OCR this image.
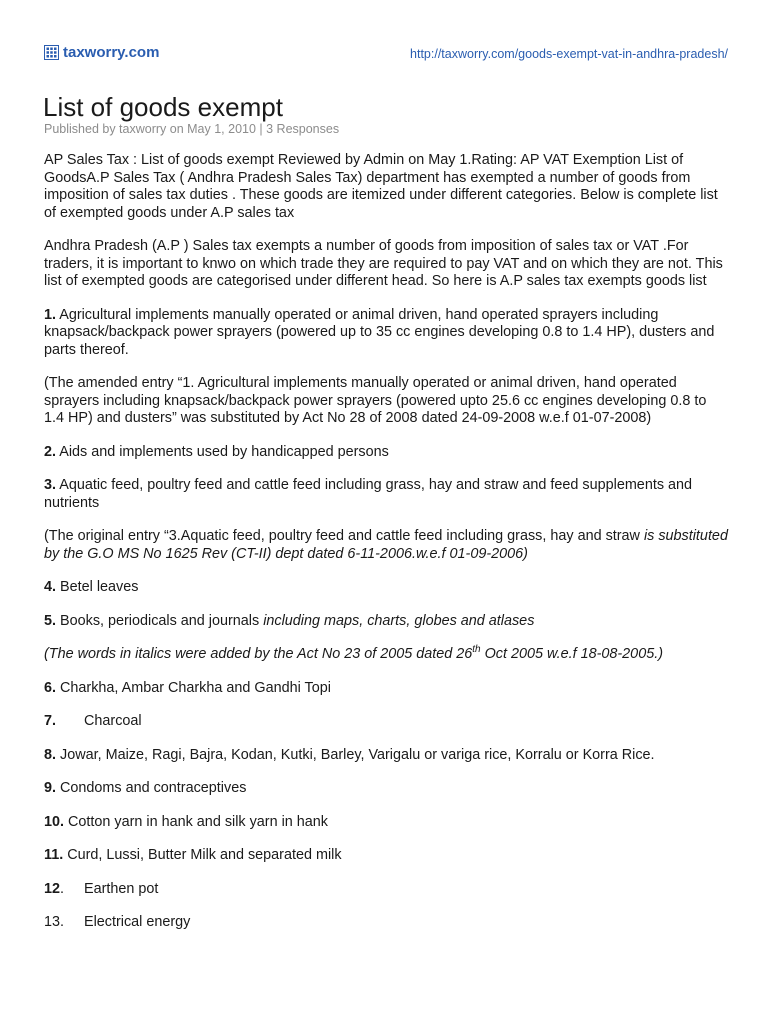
taxworry.com	http://taxworry.com/goods-exempt-vat-in-andhra-pradesh/
List of goods exempt
Published by taxworry on May 1, 2010 | 3 Responses

AP Sales Tax : List of goods exempt Reviewed by Admin on May 1.Rating: AP VAT Exemption List of GoodsA.P Sales Tax ( Andhra Pradesh Sales Tax) department has exempted a number of goods from imposition of sales tax duties . These goods are itemized under different categories. Below is complete list of exempted goods under A.P sales tax

Andhra Pradesh (A.P ) Sales tax exempts a number of goods from imposition of sales tax or VAT .For traders, it is important to knwo on which trade they are required to pay VAT and on which they are not. This list of exempted goods are categorised under different head. So here is A.P sales tax exempts goods list

1. Agricultural implements manually operated or animal driven, hand operated sprayers including knapsack/backpack power sprayers (powered up to 35 cc engines developing 0.8 to 1.4 HP), dusters and parts thereof.

(The amended entry “1. Agricultural implements manually operated or animal driven, hand operated sprayers including knapsack/backpack power sprayers (powered upto 25.6 cc engines developing 0.8 to 1.4 HP) and dusters” was substituted by Act No 28 of 2008 dated 24-09-2008 w.e.f 01-07-2008)

2. Aids and implements used by handicapped persons

3. Aquatic feed, poultry feed and cattle feed including grass, hay and straw and feed supplements and nutrients

(The original entry “3.Aquatic feed, poultry feed and cattle feed including grass, hay and straw is substituted by the G.O MS No 1625 Rev (CT-II) dept dated 6-11-2006.w.e.f 01-09-2006)

4. Betel leaves

5. Books, periodicals and journals including maps, charts, globes and atlases

(The words in italics were added by the Act No 23 of 2005 dated 26th Oct 2005 w.e.f 18-08-2005.)

6. Charkha, Ambar Charkha and Gandhi Topi

7. Charcoal

8. Jowar, Maize, Ragi, Bajra, Kodan, Kutki, Barley, Varigalu or variga rice, Korralu or Korra Rice.

9. Condoms and contraceptives

10. Cotton yarn in hank and silk yarn in hank

11. Curd, Lussi, Butter Milk and separated milk

12. Earthen pot

13. Electrical energy
